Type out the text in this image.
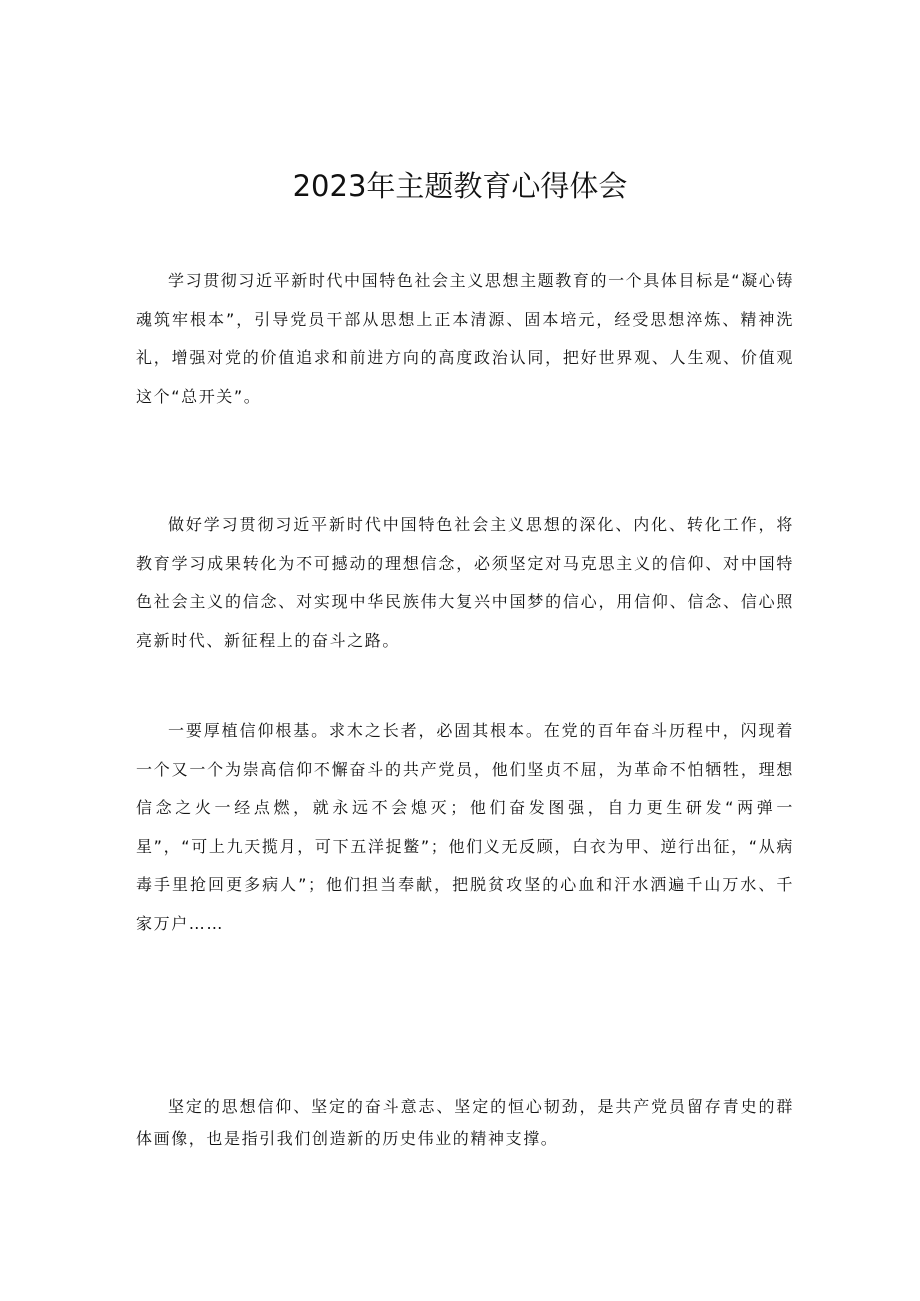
2023年主题教育心得体会

学习贯彻习近平新时代中国特色社会主义思想主题教育的一个具体目标是“凝心铸魂筑牢根本”，引导党员干部从思想上正本清源、固本培元，经受思想淬炼、精神洗礼，增强对党的价值追求和前进方向的高度政治认同，把好世界观、人生观、价值观这个“总开关”。

做好学习贯彻习近平新时代中国特色社会主义思想的深化、内化、转化工作，将教育学习成果转化为不可撼动的理想信念，必须坚定对马克思主义的信仰、对中国特色社会主义的信念、对实现中华民族伟大复兴中国梦的信心，用信仰、信念、信心照亮新时代、新征程上的奋斗之路。

一要厚植信仰根基。求木之长者，必固其根本。在党的百年奋斗历程中，闪现着一个又一个为崇高信仰不懈奋斗的共产党员，他们坚贞不屈，为革命不怕牺牲，理想信念之火一经点燃，就永远不会熄灭；他们奋发图强，自力更生研发“两弹一星”，“可上九天揽月，可下五洋捉鳖”；他们义无反顾，白衣为甲、逆行出征，“从病毒手里抢回更多病人”；他们担当奉献，把脱贫攻坚的心血和汗水洒遍千山万水、千家万户……

坚定的思想信仰、坚定的奋斗意志、坚定的恒心韧劲，是共产党员留存青史的群体画像，也是指引我们创造新的历史伟业的精神支撑。
